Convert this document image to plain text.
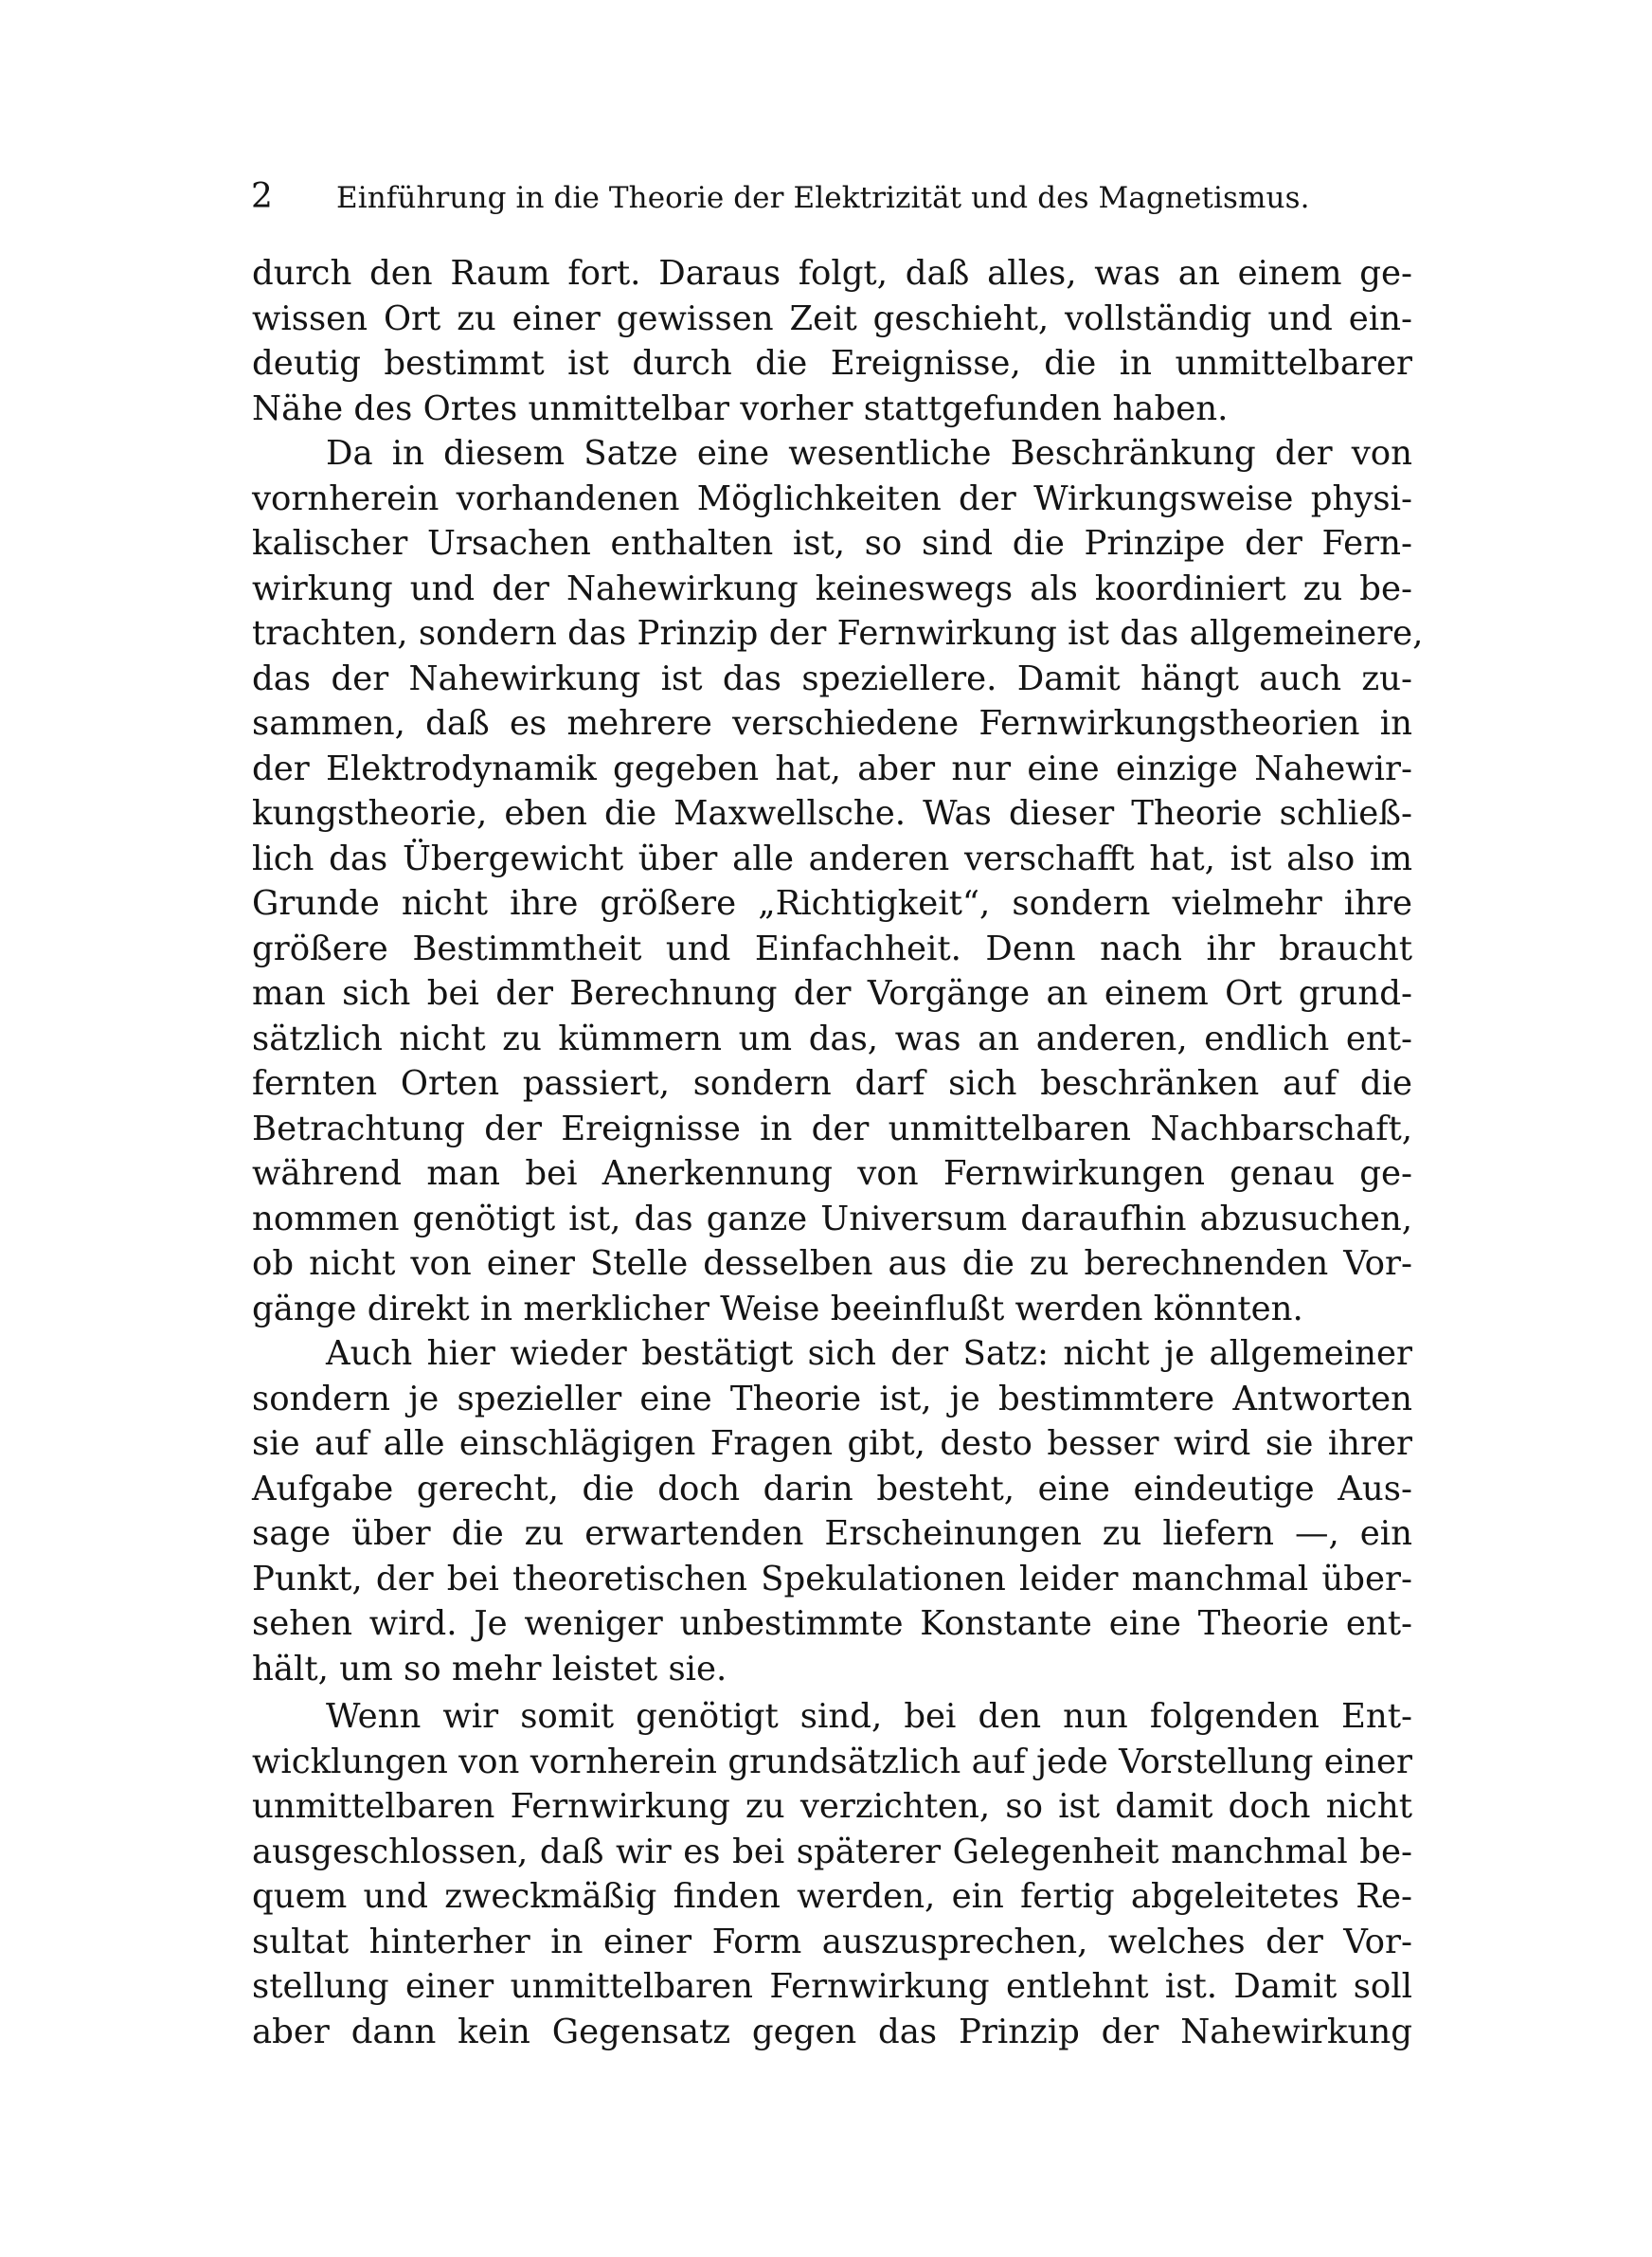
2 Einführung in die Theorie der Elektrizität und des Magnetismus.
durch den Raum fort. Daraus folgt, daß alles, was an einem ge-
wissen Ort zu einer gewissen Zeit geschieht, vollständig und ein-
deutig bestimmt ist durch die Ereignisse, die in unmittelbarer
Nähe des Ortes unmittelbar vorher stattgefunden haben.
Da in diesem Satze eine wesentliche Beschränkung der von
vornherein vorhandenen Möglichkeiten der Wirkungsweise physi-
kalischer Ursachen enthalten ist, so sind die Prinzipe der Fern-
wirkung und der Nahewirkung keineswegs als koordiniert zu be-
trachten, sondern das Prinzip der Fernwirkung ist das allgemeinere,
das der Nahewirkung ist das speziellere. Damit hängt auch zu-
sammen, daß es mehrere verschiedene Fernwirkungstheorien in
der Elektrodynamik gegeben hat, aber nur eine einzige Nahewir-
kungstheorie, eben die Maxwellsche. Was dieser Theorie schließ-
lich das Übergewicht über alle anderen verschafft hat, ist also im
Grunde nicht ihre größere „Richtigkeit“, sondern vielmehr ihre
größere Bestimmtheit und Einfachheit. Denn nach ihr braucht
man sich bei der Berechnung der Vorgänge an einem Ort grund-
sätzlich nicht zu kümmern um das, was an anderen, endlich ent-
fernten Orten passiert, sondern darf sich beschränken auf die
Betrachtung der Ereignisse in der unmittelbaren Nachbarschaft,
während man bei Anerkennung von Fernwirkungen genau ge-
nommen genötigt ist, das ganze Universum daraufhin abzusuchen,
ob nicht von einer Stelle desselben aus die zu berechnenden Vor-
gänge direkt in merklicher Weise beeinflußt werden könnten.
Auch hier wieder bestätigt sich der Satz: nicht je allgemeiner
sondern je spezieller eine Theorie ist, je bestimmtere Antworten
sie auf alle einschlägigen Fragen gibt, desto besser wird sie ihrer
Aufgabe gerecht, die doch darin besteht, eine eindeutige Aus-
sage über die zu erwartenden Erscheinungen zu liefern —, ein
Punkt, der bei theoretischen Spekulationen leider manchmal über-
sehen wird. Je weniger unbestimmte Konstante eine Theorie ent-
hält, um so mehr leistet sie.
Wenn wir somit genötigt sind, bei den nun folgenden Ent-
wicklungen von vornherein grundsätzlich auf jede Vorstellung einer
unmittelbaren Fernwirkung zu verzichten, so ist damit doch nicht
ausgeschlossen, daß wir es bei späterer Gelegenheit manchmal be-
quem und zweckmäßig finden werden, ein fertig abgeleitetes Re-
sultat hinterher in einer Form auszusprechen, welches der Vor-
stellung einer unmittelbaren Fernwirkung entlehnt ist. Damit soll
aber dann kein Gegensatz gegen das Prinzip der Nahewirkung
